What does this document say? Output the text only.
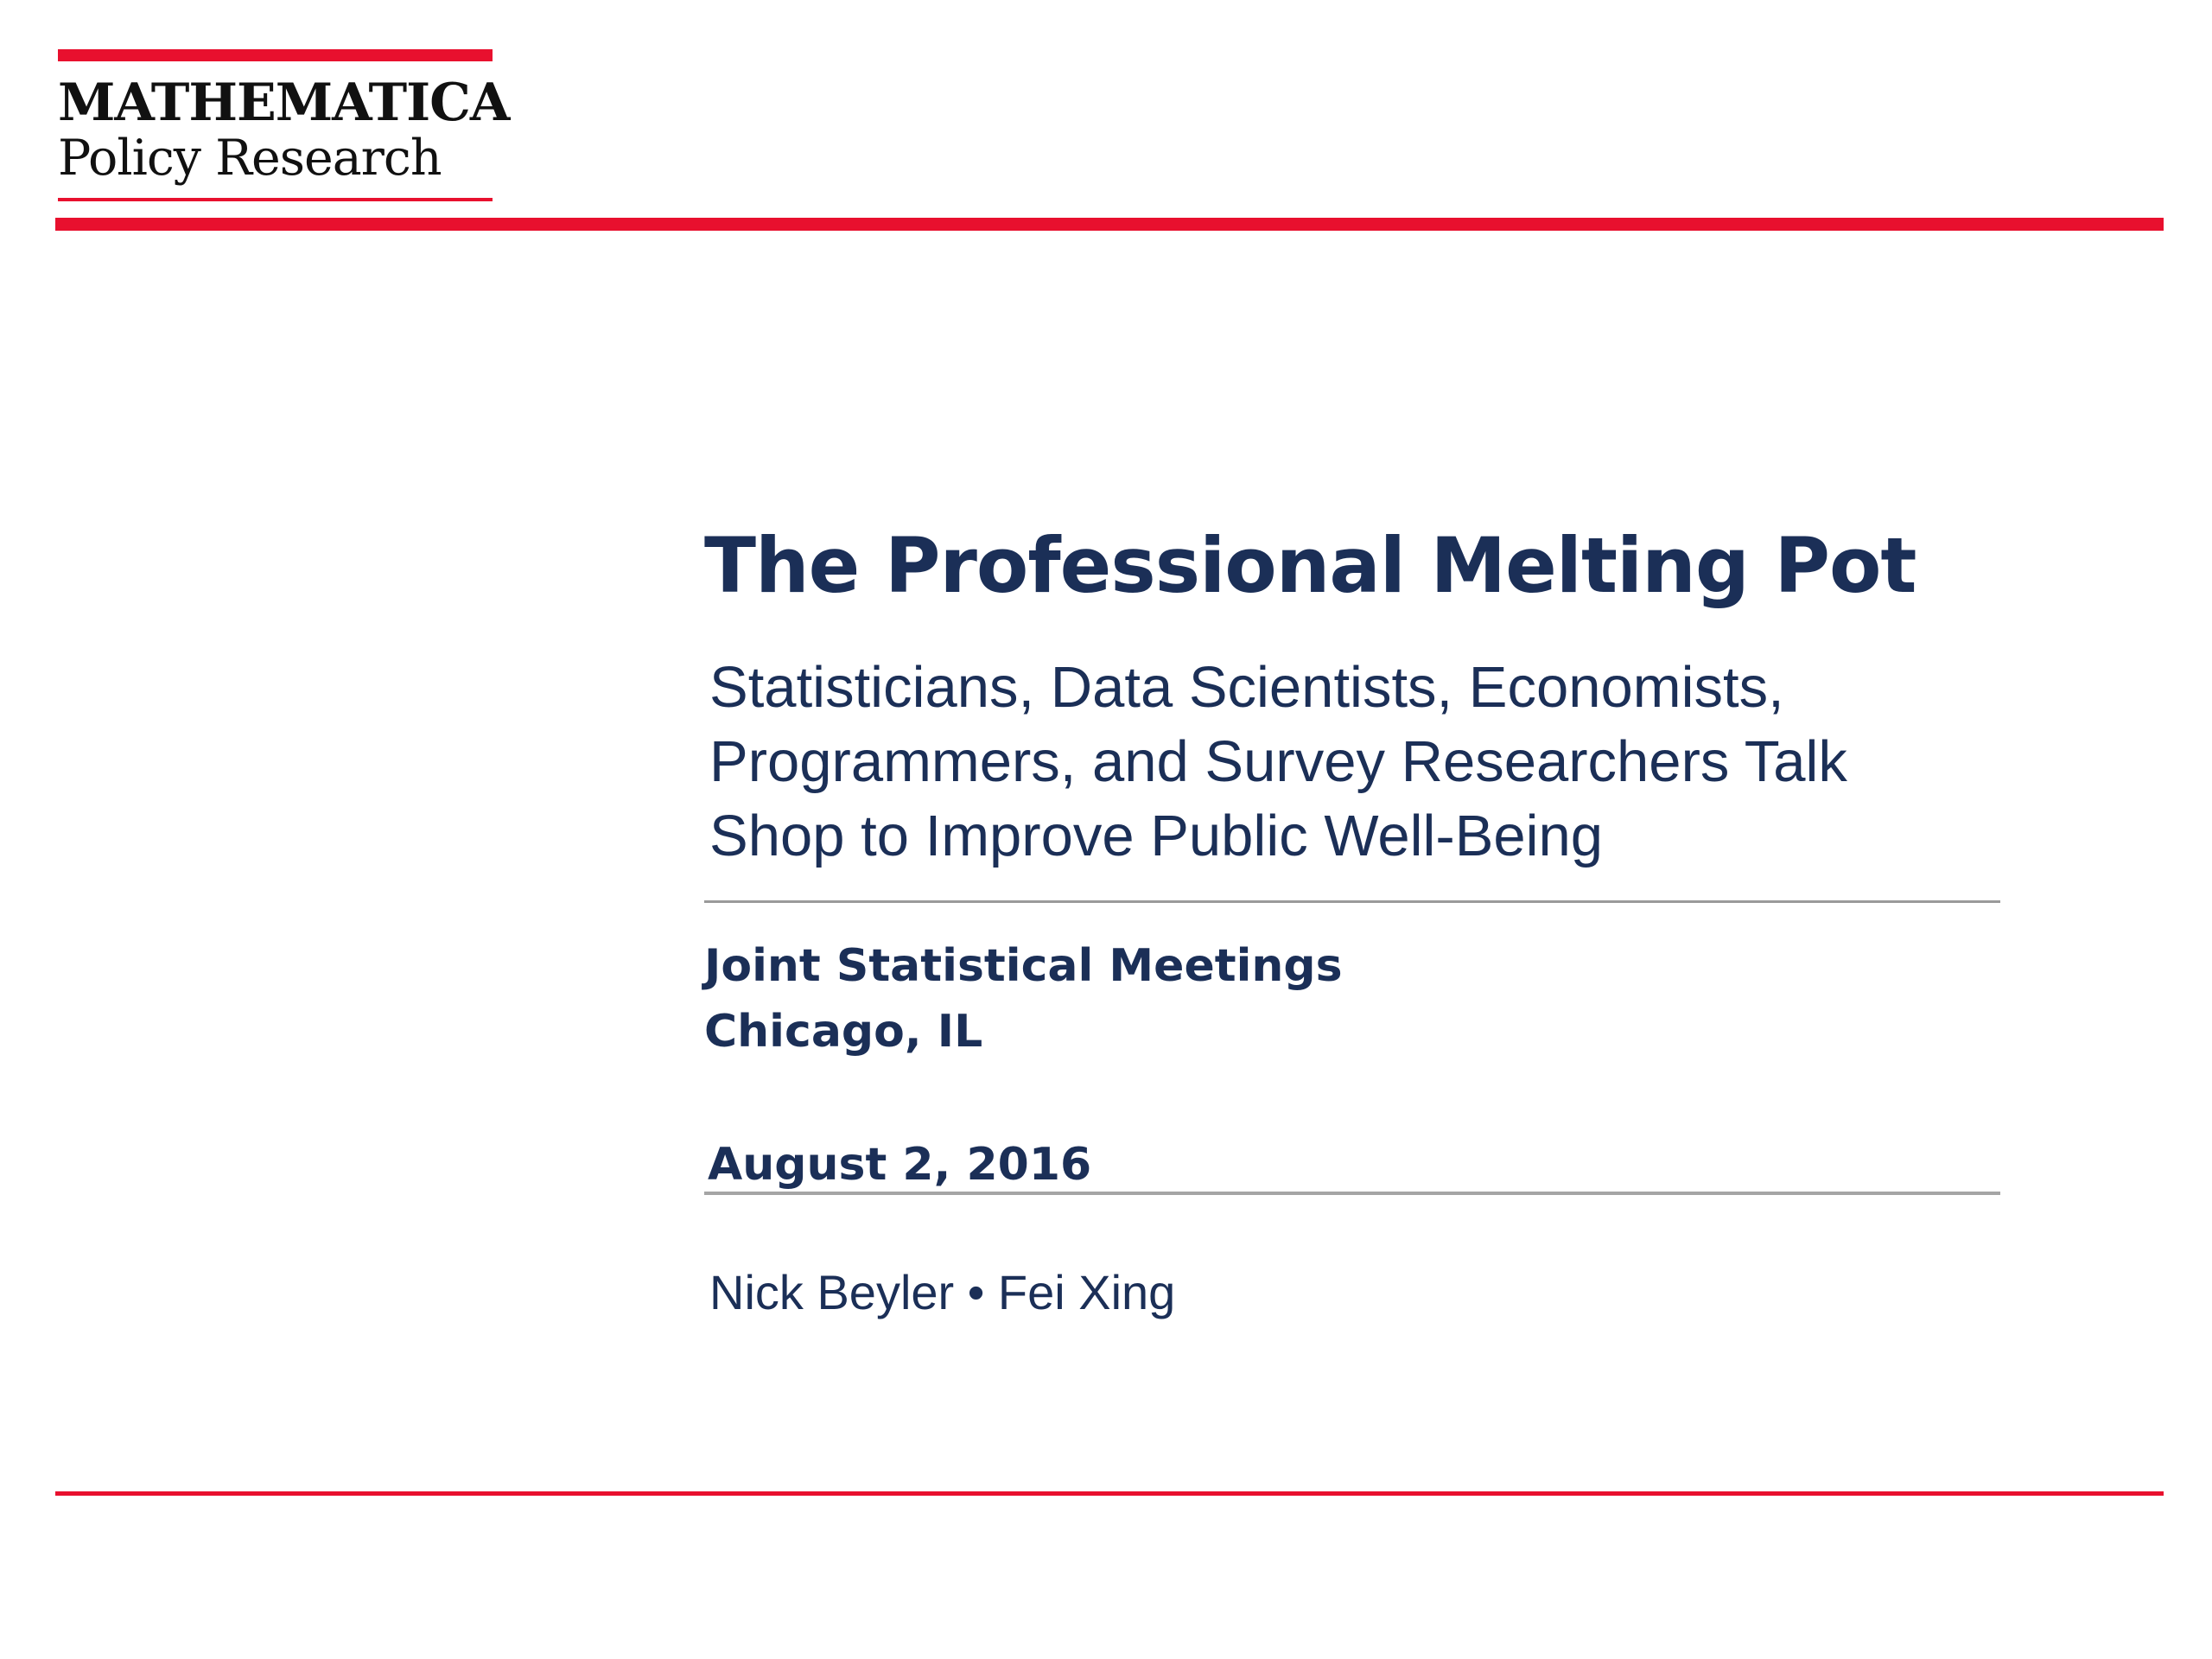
MATHEMATICA
Policy Research
The Professional Melting Pot
Statisticians, Data Scientists, Economists,
Programmers, and Survey Researchers Talk
Shop to Improve Public Well-Being
Joint Statistical Meetings
Chicago, IL
August 2, 2016
Nick Beyler • Fei Xing
